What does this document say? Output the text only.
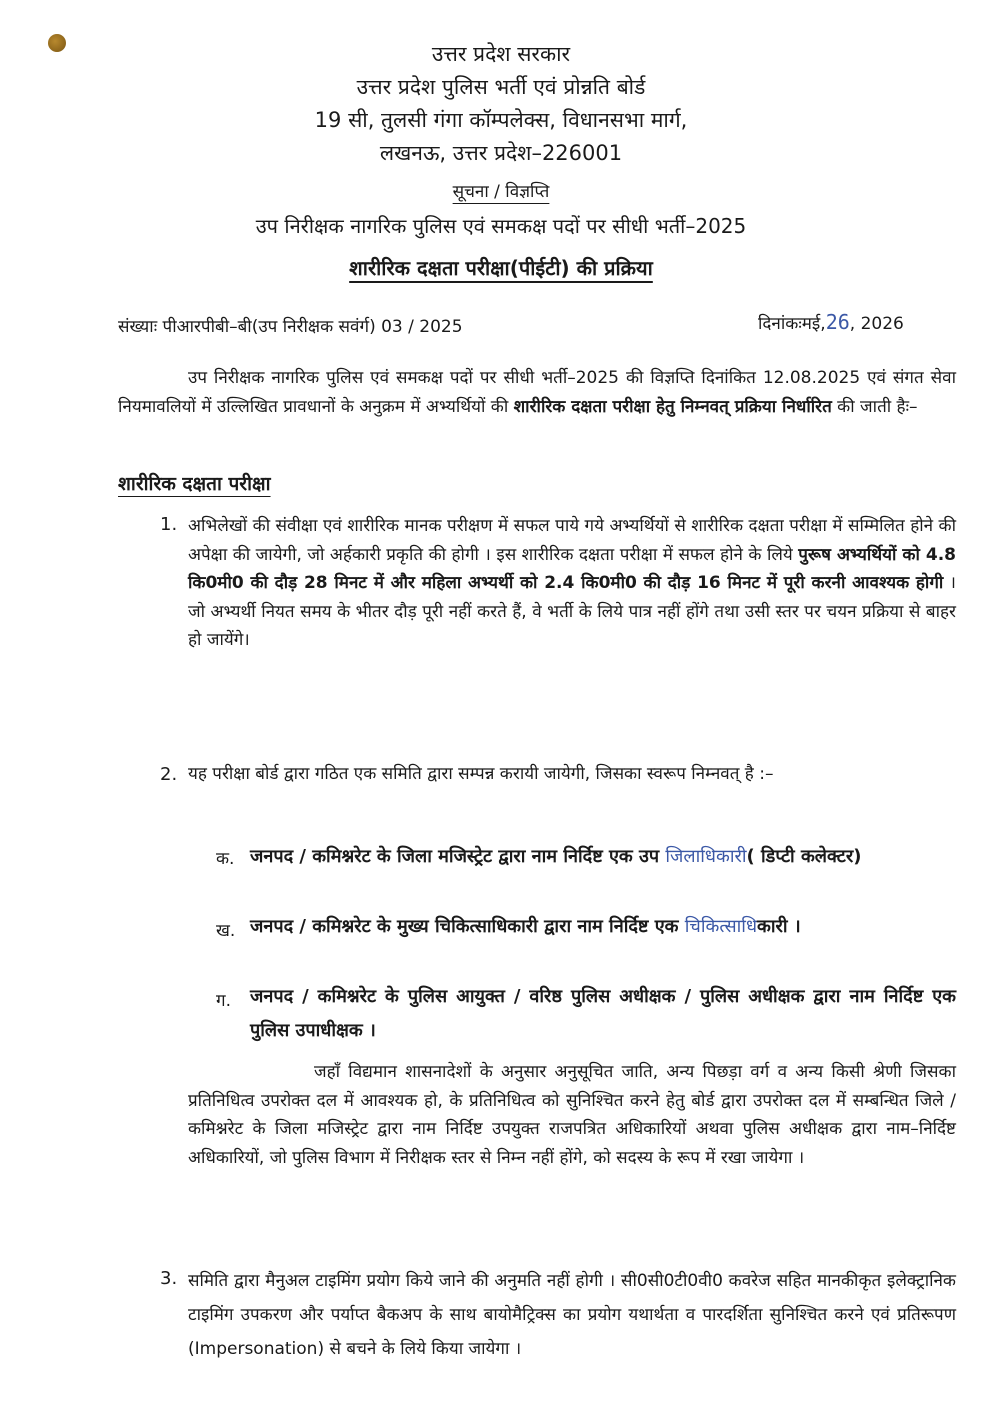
उत्तर प्रदेश सरकार
उत्तर प्रदेश पुलिस भर्ती एवं प्रोन्नति बोर्ड
19 सी, तुलसी गंगा कॉम्पलेक्स, विधानसभा मार्ग,
लखनऊ, उत्तर प्रदेश–226001
सूचना / विज्ञप्ति
उप निरीक्षक नागरिक पुलिस एवं समकक्ष पदों पर सीधी भर्ती–2025
शारीरिक दक्षता परीक्षा(पीईटी) की प्रक्रिया
संख्याः पीआरपीबी–बी(उप निरीक्षक सवंर्ग) 03 / 2025	दिनांकःमई,26, 2026
उप निरीक्षक नागरिक पुलिस एवं समकक्ष पदों पर सीधी भर्ती–2025 की विज्ञप्ति दिनांकित 12.08.2025 एवं संगत सेवा नियमावलियों में उल्लिखित प्रावधानों के अनुक्रम में अभ्यर्थियों की शारीरिक दक्षता परीक्षा हेतु निम्नवत् प्रक्रिया निर्धारित की जाती हैः–
शारीरिक दक्षता परीक्षा
1. अभिलेखों की संवीक्षा एवं शारीरिक मानक परीक्षण में सफल पाये गये अभ्यर्थियों से शारीरिक दक्षता परीक्षा में सम्मिलित होने की अपेक्षा की जायेगी, जो अर्हकारी प्रकृति की होगी । इस शारीरिक दक्षता परीक्षा में सफल होने के लिये पुरूष अभ्यर्थियों को 4.8 कि0मी0 की दौड़ 28 मिनट में और महिला अभ्यर्थी को 2.4 कि0मी0 की दौड़ 16 मिनट में पूरी करनी आवश्यक होगी । जो अभ्यर्थी नियत समय के भीतर दौड़ पूरी नहीं करते हैं, वे भर्ती के लिये पात्र नहीं होंगे तथा उसी स्तर पर चयन प्रक्रिया से बाहर हो जायेंगे।
2. यह परीक्षा बोर्ड द्वारा गठित एक समिति द्वारा सम्पन्न करायी जायेगी, जिसका स्वरूप निम्नवत् है :–
क. जनपद / कमिश्नरेट के जिला मजिस्ट्रेट द्वारा नाम निर्दिष्ट एक उप जिलाधिकारी( डिप्टी कलेक्टर)
ख. जनपद / कमिश्नरेट के मुख्य चिकित्साधिकारी द्वारा नाम निर्दिष्ट एक चिकित्साधिकारी ।
ग. जनपद / कमिश्नरेट के पुलिस आयुक्त / वरिष्ठ पुलिस अधीक्षक / पुलिस अधीक्षक द्वारा नाम निर्दिष्ट एक पुलिस उपाधीक्षक ।
जहॉं विद्यमान शासनादेशों के अनुसार अनुसूचित जाति, अन्य पिछड़ा वर्ग व अन्य किसी श्रेणी जिसका प्रतिनिधित्व उपरोक्त दल में आवश्यक हो, के प्रतिनिधित्व को सुनिश्चित करने हेतु बोर्ड द्वारा उपरोक्त दल में सम्बन्धित जिले / कमिश्नरेट के जिला मजिस्ट्रेट द्वारा नाम निर्दिष्ट उपयुक्त राजपत्रित अधिकारियों अथवा पुलिस अधीक्षक द्वारा नाम–निर्दिष्ट अधिकारियों, जो पुलिस विभाग में निरीक्षक स्तर से निम्न नहीं होंगे, को सदस्य के रूप में रखा जायेगा ।
3. समिति द्वारा मैनुअल टाइमिंग प्रयोग किये जाने की अनुमति नहीं होगी । सी0सी0टी0वी0 कवरेज सहित मानकीकृत इलेक्ट्रानिक टाइमिंग उपकरण और पर्याप्त बैकअप के साथ बायोमैट्रिक्स का प्रयोग यथार्थता व पारदर्शिता सुनिश्चित करने एवं प्रतिरूपण (Impersonation) से बचने के लिये किया जायेगा ।
